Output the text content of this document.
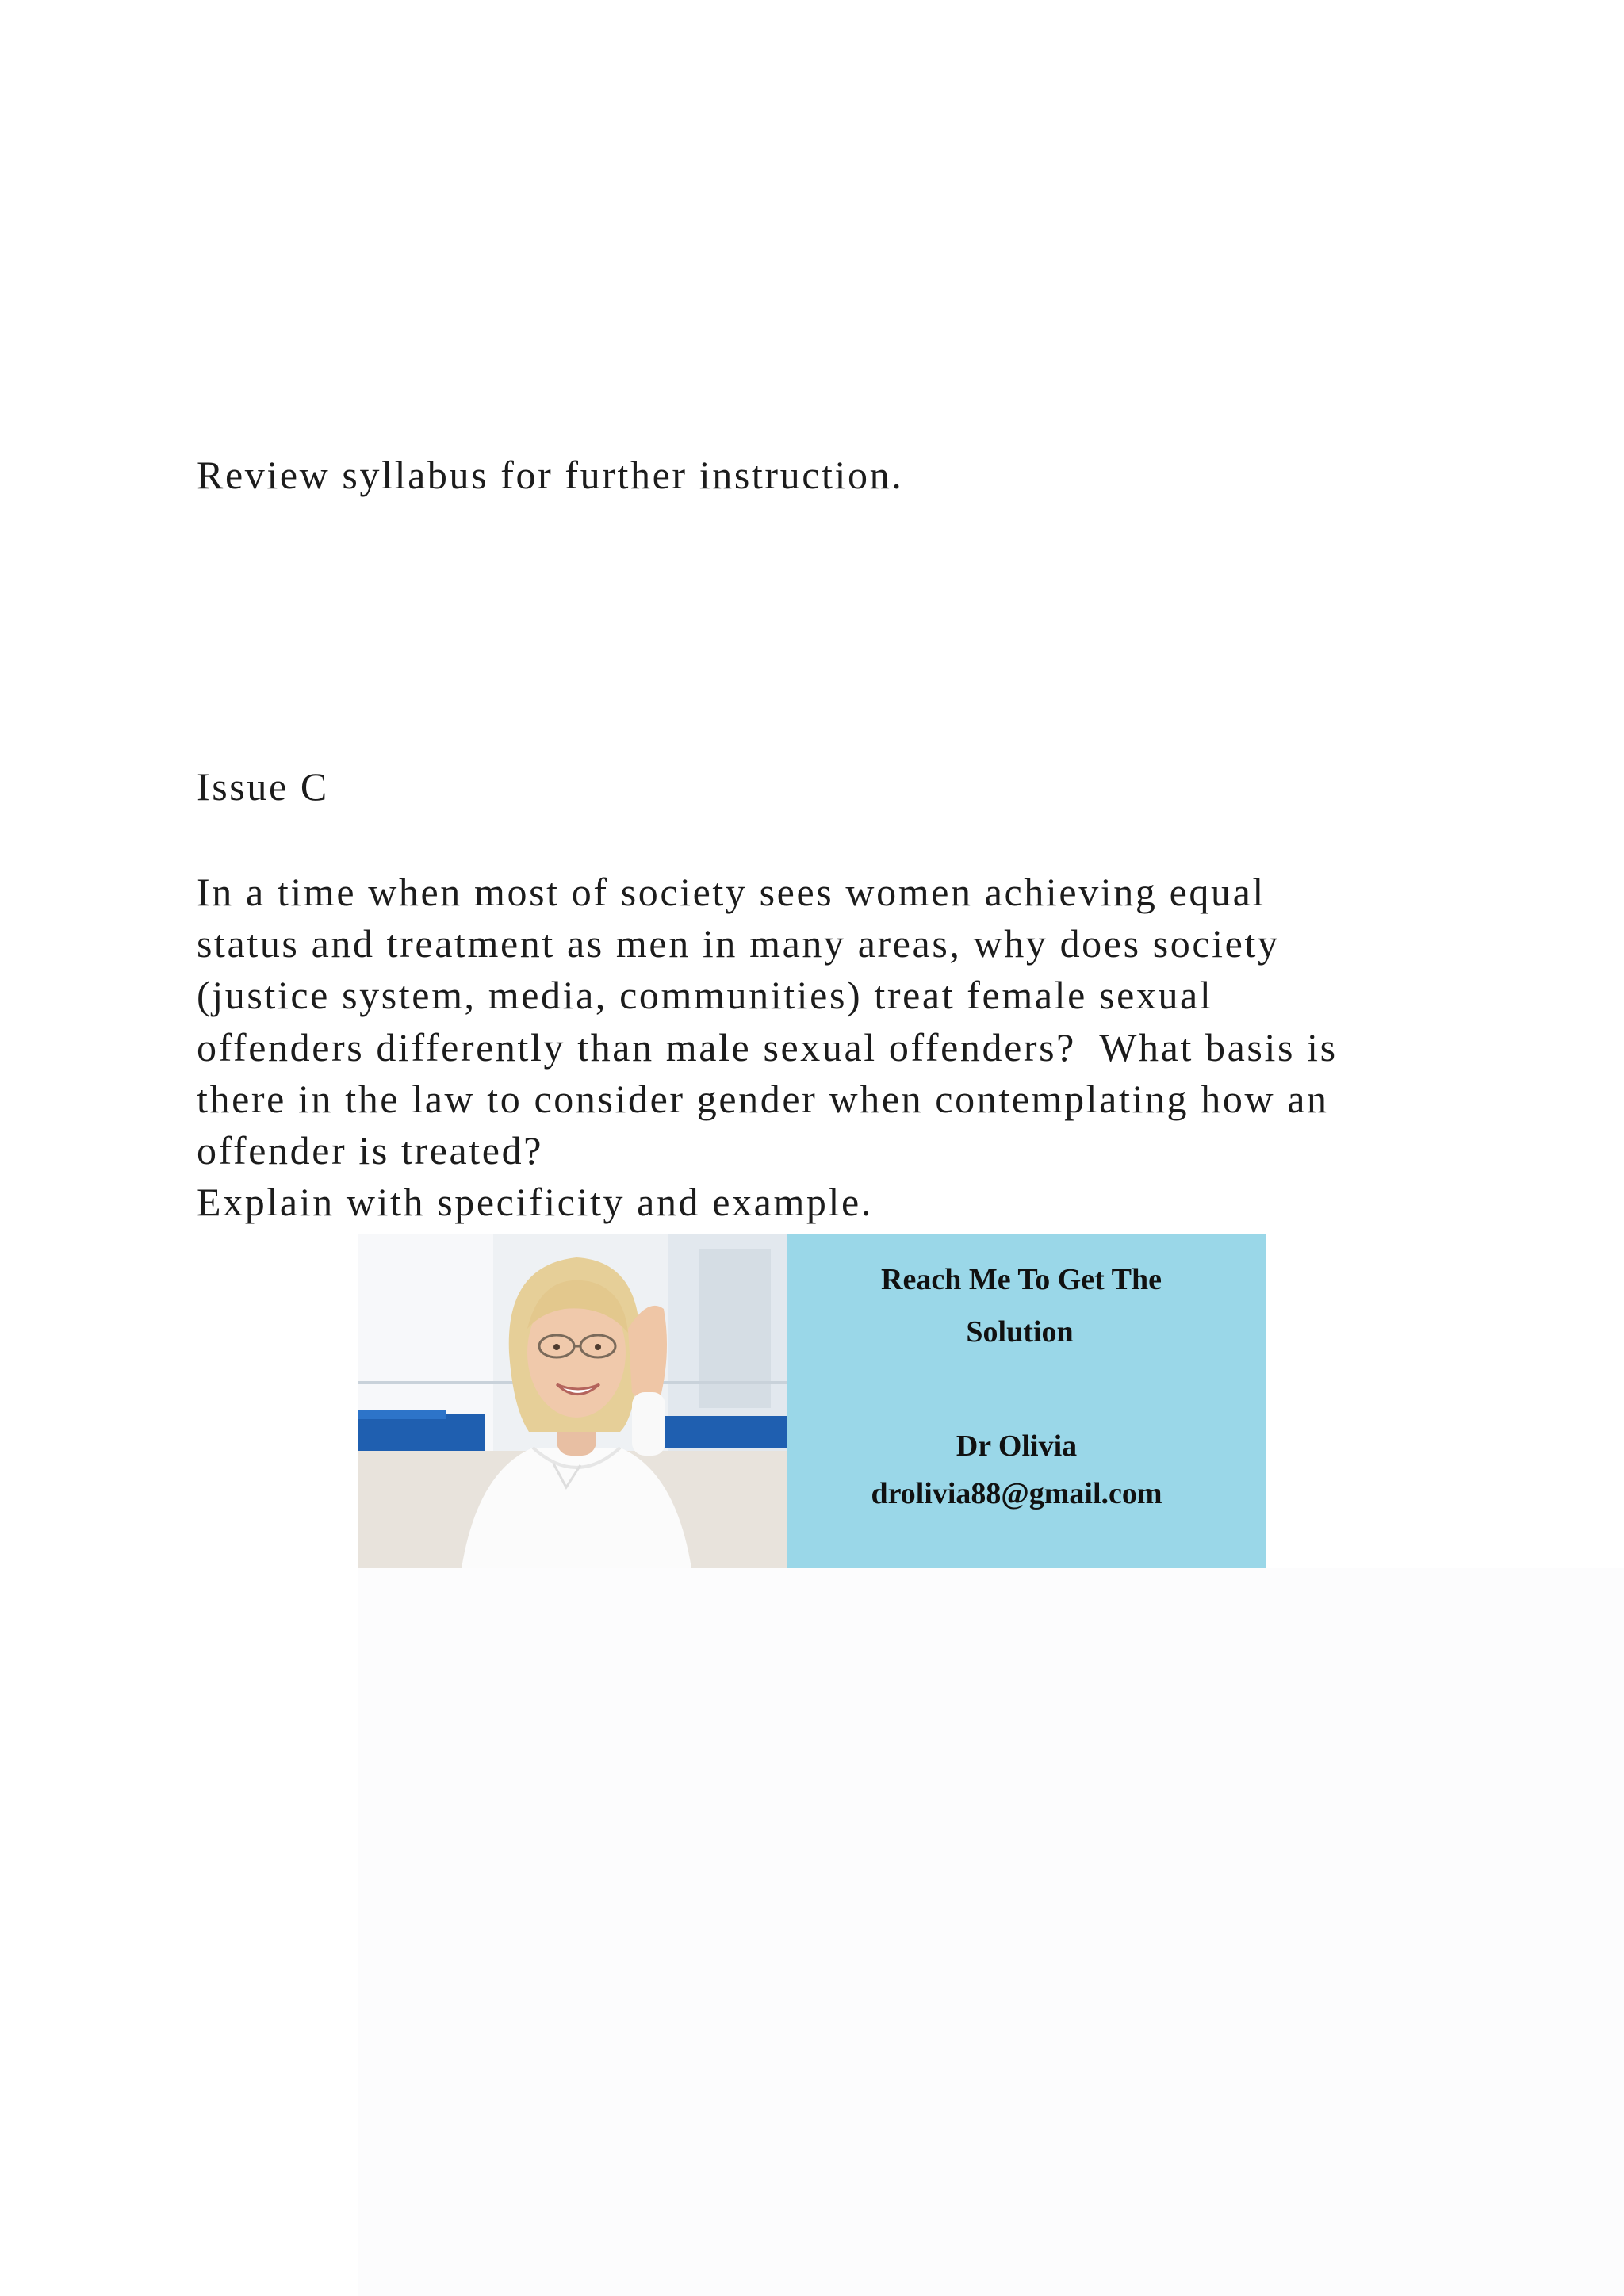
Review syllabus for further instruction.

Issue C

In a time when most of society sees women achieving equal
status and treatment as men in many areas, why does society
(justice system, media, communities) treat female sexual
offenders differently than male sexual offenders?  What basis is
there in the law to consider gender when contemplating how an
offender is treated?
Explain with specificity and example.
Reach Me To Get The
Solution
Dr Olivia
drolivia88@gmail.com
